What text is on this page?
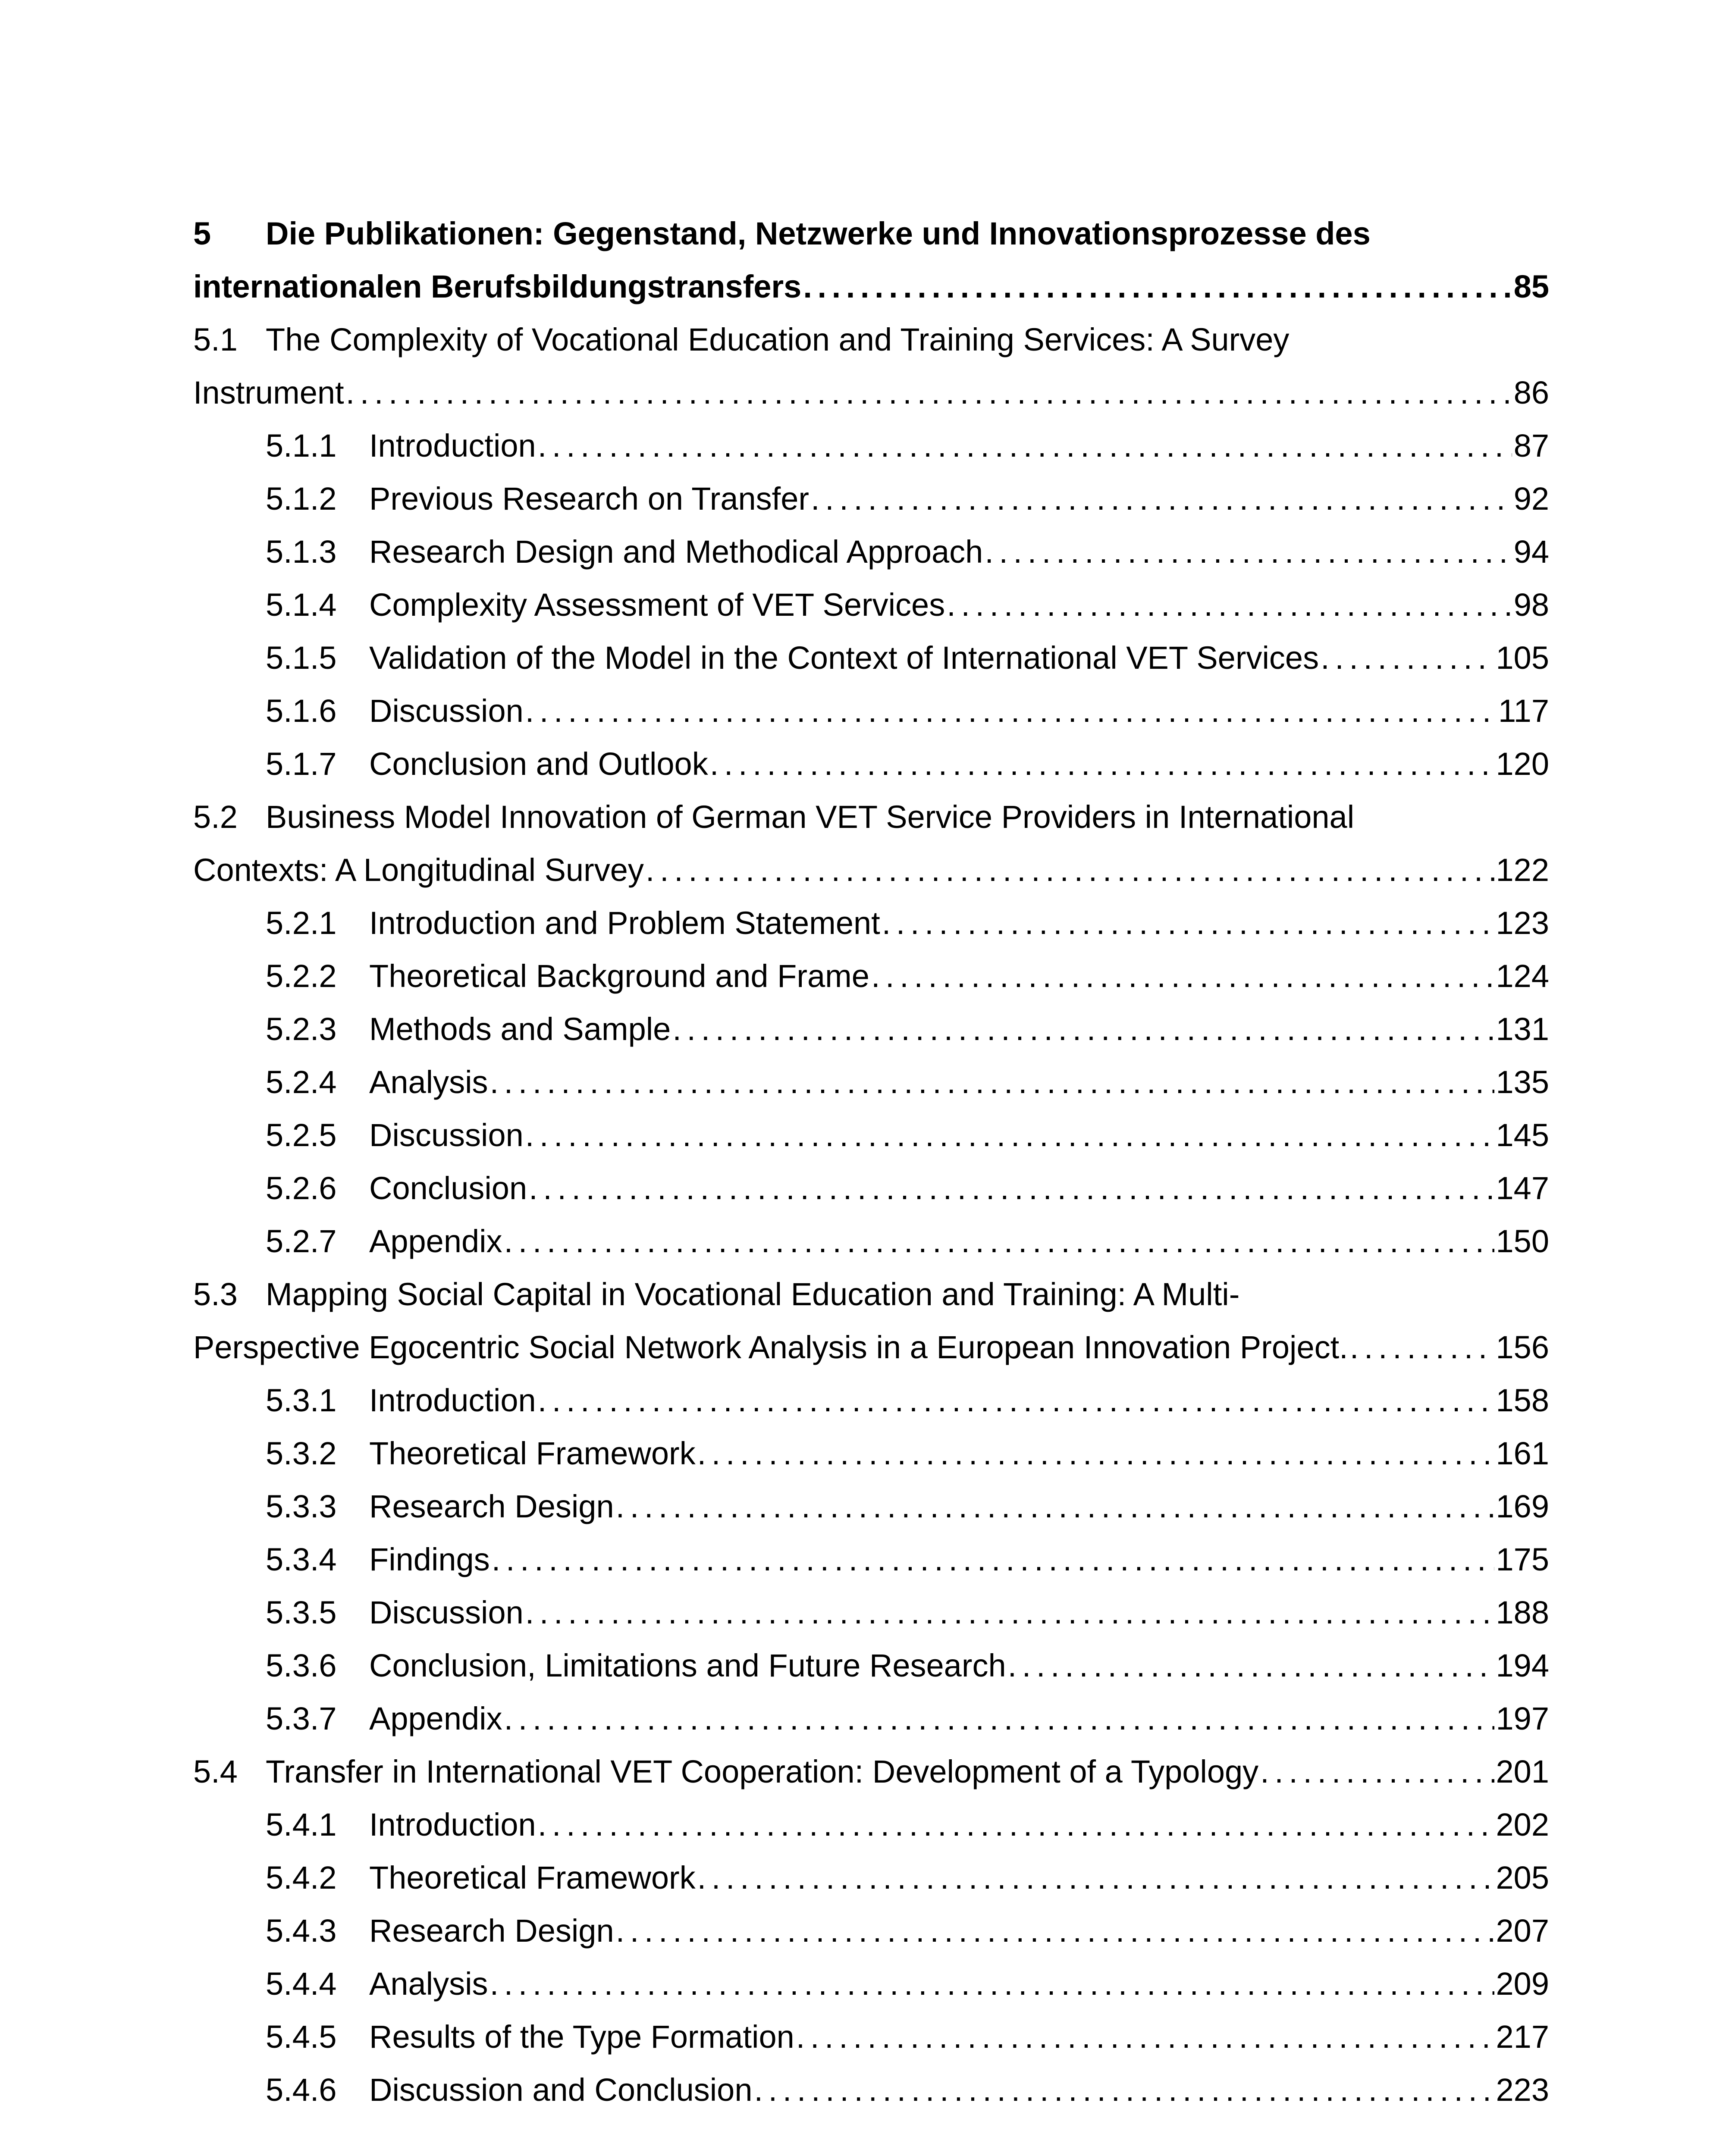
5	Die Publikationen: Gegenstand, Netzwerke und Innovationsprozesse des
internationalen Berufsbildungstransfers . . .	85
5.1 The Complexity of Vocational Education and Training Services: A Survey
Instrument . . .	86
5.1.1	Introduction . . .	87
5.1.2	Previous Research on Transfer . . .	92
5.1.3	Research Design and Methodical Approach . . .	94
5.1.4	Complexity Assessment of VET Services . . .	98
5.1.5	Validation of the Model in the Context of International VET Services . . .	105
5.1.6	Discussion . . .	117
5.1.7	Conclusion and Outlook . . .	120
5.2 Business Model Innovation of German VET Service Providers in International
Contexts: A Longitudinal Survey . . .	122
5.2.1	Introduction and Problem Statement . . .	123
5.2.2	Theoretical Background and Frame . . .	124
5.2.3	Methods and Sample . . .	131
5.2.4	Analysis . . .	135
5.2.5	Discussion . . .	145
5.2.6	Conclusion . . .	147
5.2.7	Appendix . . .	150
5.3 Mapping Social Capital in Vocational Education and Training: A Multi-
Perspective Egocentric Social Network Analysis in a European Innovation Project. . . .	156
5.3.1	Introduction . . .	158
5.3.2	Theoretical Framework . . .	161
5.3.3	Research Design . . .	169
5.3.4	Findings . . .	175
5.3.5	Discussion . . .	188
5.3.6	Conclusion, Limitations and Future Research . . .	194
5.3.7	Appendix . . .	197
5.4 Transfer in International VET Cooperation: Development of a Typology . . .	201
5.4.1	Introduction . . .	202
5.4.2	Theoretical Framework . . .	205
5.4.3	Research Design . . .	207
5.4.4	Analysis . . .	209
5.4.5	Results of the Type Formation . . .	217
5.4.6	Discussion and Conclusion . . .	223
